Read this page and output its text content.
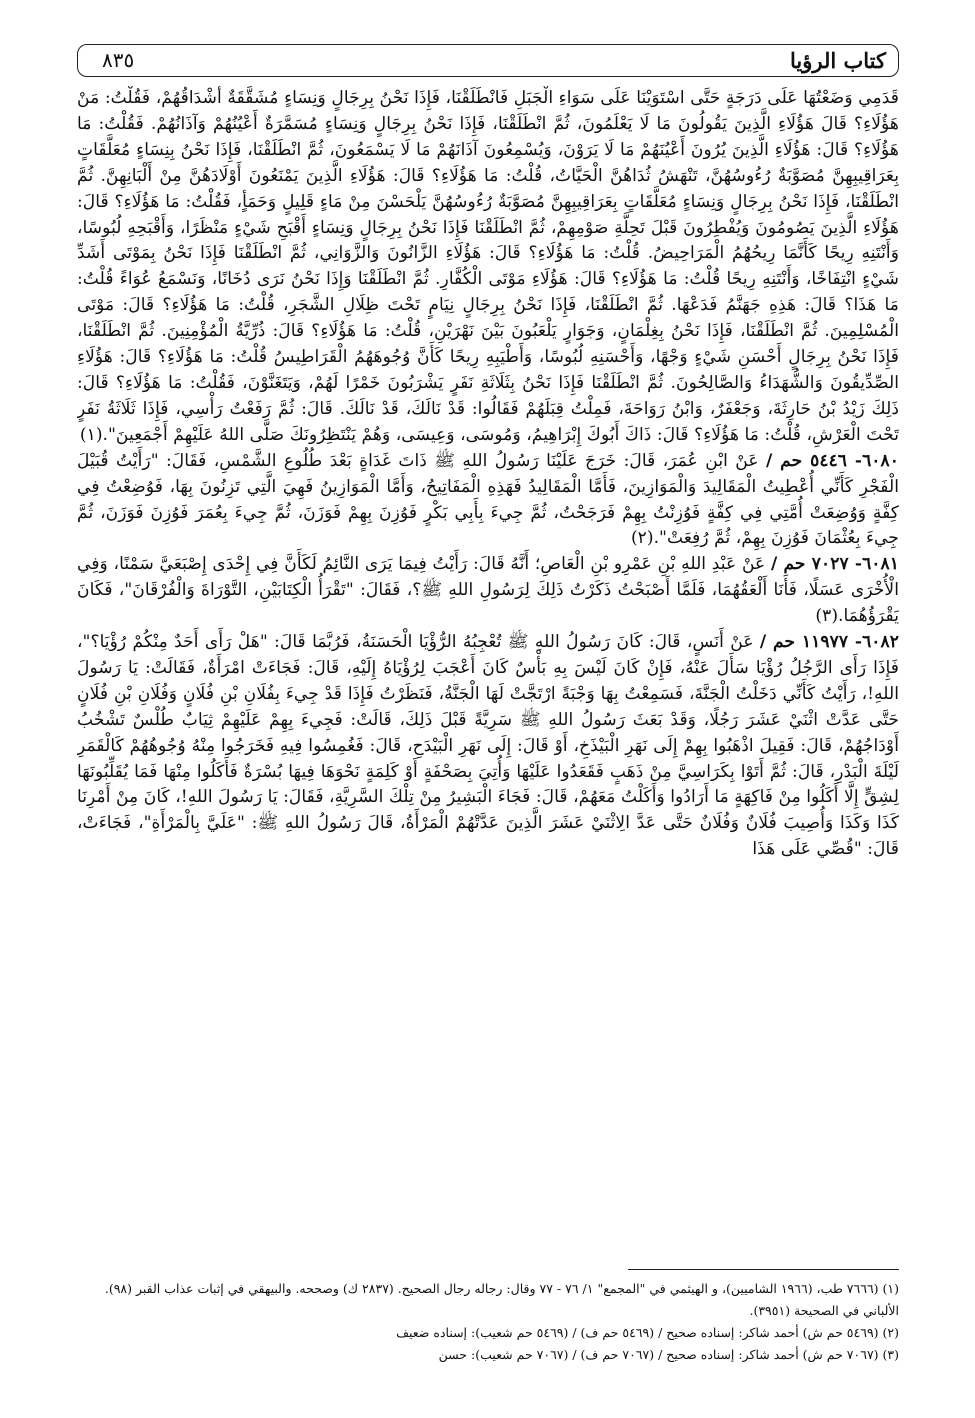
كتاب الرؤيا
٨٣٥

قَدَمِي وَضَعْتُهَا عَلَى دَرَجَةٍ حَتَّى اسْتَوَيْنَا عَلَى سَوَاءِ الْجَبَلِ فَانْطَلَقْنَا، فَإِذَا نَحْنُ بِرِجَالٍ وَنِسَاءٍ مُشَقَّقَةٌ أَشْدَاقُهُمْ، فَقُلْتُ: مَنْ هَؤُلَاءِ؟ قَالَ هَؤُلَاءِ الَّذِينَ يَقُولُونَ مَا لَا يَعْلَمُونَ، ثُمَّ انْطَلَقْنَا، فَإِذَا نَحْنُ بِرِجَالٍ وَنِسَاءٍ مُسَمَّرَةٌ أَعْيُنُهُمْ وَآذَانُهُمْ. فَقُلْتُ: مَا هَؤُلَاءِ؟ قَالَ: هَؤُلَاءِ الَّذِينَ يُرُونَ أَعْيُنَهُمْ مَا لَا يَرَوْنَ، وَيُسْمِعُونَ آذَانَهُمْ مَا لَا يَسْمَعُونَ، ثُمَّ انْطَلَقْنَا، فَإِذَا نَحْنُ بِنِسَاءٍ مُعَلَّقَاتٍ بِعَرَاقِيبِهِنَّ مُصَوَّبَةٌ رُءُوسُهُنَّ، تَنْهَشُ ثُدَاهُنَّ الْحَيَّاتُ، قُلْتُ: مَا هَؤُلَاءِ؟ قَالَ: هَؤُلَاءِ الَّذِينَ يَمْنَعُونَ أَوْلَادَهُنَّ مِنْ أَلْبَانِهِنَّ. ثُمَّ انْطَلَقْنَا، فَإِذَا نَحْنُ بِرِجَالٍ وَنِسَاءٍ مُعَلَّقَاتٍ بِعَرَاقِيبِهِنَّ مُصَوَّبَةٌ رُءُوسُهُنَّ يَلْحَسْنَ مِنْ مَاءٍ قَلِيلٍ وَحَمَأٍ، فَقُلْتُ: مَا هَؤُلَاءِ؟ قَالَ: هَؤُلَاءِ الَّذِينَ يَصُومُونَ وَيُفْطِرُونَ قَبْلَ تَحِلَّةِ صَوْمِهِمْ، ثُمَّ انْطَلَقْنَا فَإِذَا نَحْنُ بِرِجَالٍ وَنِسَاءٍ أَقْبَحِ شَيْءٍ مَنْظَرًا، وَأَقْبَحِهِ لُبُوسًا، وَأَنْتَنِهِ رِيحًا كَأَنَّمَا رِيحُهُمُ الْمَرَاحِيضُ. قُلْتُ: مَا هَؤُلَاءِ؟ قَالَ: هَؤُلَاءِ الزَّانُونَ وَالزَّوَانِي، ثُمَّ انْطَلَقْنَا فَإِذَا نَحْنُ بِمَوْتَى أَشَدِّ شَيْءٍ انْتِفَاخًا، وَأَنْتَنِهِ رِيحًا قُلْتُ: مَا هَؤُلَاءِ؟ قَالَ: هَؤُلَاءِ مَوْتَى الْكُفَّارِ. ثُمَّ انْطَلَقْنَا وَإِذَا نَحْنُ نَرَى دُخَانًا، وَنَسْمَعُ عُوَاءً قُلْتُ: مَا هَذَا؟ قَالَ: هَذِهِ جَهَنَّمُ فَدَعْهَا. ثُمَّ انْطَلَقْنَا، فَإِذَا نَحْنُ بِرِجَالٍ نِيَامٍ تَحْتَ ظِلَالِ الشَّجَرِ، قُلْتُ: مَا هَؤُلَاءِ؟ قَالَ: مَوْتَى الْمُسْلِمِينَ. ثُمَّ انْطَلَقْنَا، فَإِذَا نَحْنُ بِغِلْمَانٍ، وَجَوَارٍ يَلْعَبُونَ بَيْنَ نَهْرَيْنِ، قُلْتُ: مَا هَؤُلَاءِ؟ قَالَ: ذُرِّيَّةُ الْمُؤْمِنِينَ. ثُمَّ انْطَلَقْنَا، فَإِذَا نَحْنُ بِرِجَالٍ أَحْسَنِ شَيْءٍ وَجْهًا، وَأَحْسَنِهِ لُبُوسًا، وَأَطْيَبِهِ رِيحًا كَأَنَّ وُجُوهَهُمُ الْقَرَاطِيسُ قُلْتُ: مَا هَؤُلَاءِ؟ قَالَ: هَؤُلَاءِ الصِّدِّيقُونَ وَالشُّهَدَاءُ وَالصَّالِحُونَ. ثُمَّ انْطَلَقْنَا فَإِذَا نَحْنُ بِثَلَاثَةِ نَفَرٍ يَشْرَبُونَ خَمْرًا لَهُمْ، وَيَتَغَنَّوْنَ، فَقُلْتُ: مَا هَؤُلَاءِ؟ قَالَ: ذَلِكَ زَيْدُ بْنُ حَارِثَةَ، وَجَعْفَرٌ، وَابْنُ رَوَاحَةَ، فَمِلْتُ قِبَلَهُمْ فَقَالُوا: قَدْ نَالَكَ، قَدْ نَالَكَ. قَالَ: ثُمَّ رَفَعْتُ رَأْسِي، فَإِذَا ثَلَاثَةُ نَفَرٍ تَحْتَ الْعَرْشِ، قُلْتُ: مَا هَؤُلَاءِ؟ قَالَ: ذَاكَ أَبُوكَ إِبْرَاهِيمُ، وَمُوسَى، وَعِيسَى، وَهُمْ يَنْتَظِرُونَكَ صَلَّى اللهُ عَلَيْهِمْ أَجْمَعِينَ".(١)

٦٠٨٠- ٥٤٤٦ حم / عَنْ ابْنِ عُمَرَ، قَالَ: خَرَجَ عَلَيْنَا رَسُولُ اللهِ ﷺ ذَاتَ غَدَاةٍ بَعْدَ طُلُوعِ الشَّمْسِ، فَقَالَ: "رَأَيْتُ قُبَيْلَ الْفَجْرِ كَأَنِّي أُعْطِيتُ الْمَقَالِيدَ وَالْمَوَازِينَ، فَأَمَّا الْمَقَالِيدُ فَهَذِهِ الْمَفَاتِيحُ، وَأَمَّا الْمَوَازِينُ فَهِيَ الَّتِي تَزِنُونَ بِهَا، فَوُضِعْتُ فِي كِفَّةٍ وَوُضِعَتْ أُمَّتِي فِي كِفَّةٍ فَوُزِنْتُ بِهِمْ فَرَجَحْتُ، ثُمَّ جِيءَ بِأَبِي بَكْرٍ فَوُزِنَ بِهِمْ فَوَزَنَ، ثُمَّ جِيءَ بِعُمَرَ فَوُزِنَ فَوَزَنَ، ثُمَّ جِيءَ بِعُثْمَانَ فَوُزِنَ بِهِمْ، ثُمَّ رُفِعَتْ".(٢)

٦٠٨١- ٧٠٢٧ حم / عَنْ عَبْدِ اللهِ بْنِ عَمْرِو بْنِ الْعَاصِ؛ أَنَّهُ قَالَ: رَأَيْتُ فِيمَا يَرَى النَّائِمُ لَكَأَنَّ فِي إِحْدَى إِصْبَعَيَّ سَمْنًا، وَفِي الْأُخْرَى عَسَلًا، فَأَنَا أَلْعَقُهُمَا، فَلَمَّا أَصْبَحْتُ ذَكَرْتُ ذَلِكَ لِرَسُولِ اللهِ ﷺ؟، فَقَالَ: "تَقْرَأُ الْكِتَابَيْنِ، التَّوْرَاةَ وَالْفُرْقَانَ"، فَكَانَ يَقْرَؤُهُمَا.(٣)

٦٠٨٢- ١١٩٧٧ حم / عَنْ أَنَسٍ، قَالَ: كَانَ رَسُولُ اللهِ ﷺ تُعْجِبُهُ الرُّؤْيَا الْحَسَنَةُ، فَرُبَّمَا قَالَ: "هَلْ رَأَى أَحَدٌ مِنْكُمْ رُؤْيَا؟"، فَإِذَا رَأَى الرَّجُلُ رُؤْيَا سَأَلَ عَنْهُ، فَإِنْ كَانَ لَيْسَ بِهِ بَأْسٌ كَانَ أَعْجَبَ لِرُؤْيَاهُ إِلَيْهِ، قَالَ: فَجَاءَتْ امْرَأَةٌ، فَقَالَتْ: يَا رَسُولَ اللهِ!، رَأَيْتُ كَأَنِّي دَخَلْتُ الْجَنَّةَ، فَسَمِعْتُ بِهَا وَجْبَةً ارْتَجَّتْ لَهَا الْجَنَّةُ، فَنَظَرْتُ فَإِذَا قَدْ جِيءَ بِفُلَانِ بْنِ فُلَانٍ وَفُلَانِ بْنِ فُلَانٍ حَتَّى عَدَّتْ اثْنَيْ عَشَرَ رَجُلًا، وَقَدْ بَعَثَ رَسُولُ اللهِ ﷺ سَرِيَّةً قَبْلَ ذَلِكَ، قَالَتْ: فَجِيءَ بِهِمْ عَلَيْهِمْ ثِيَابٌ طُلْسٌ تَشْخُبُ أَوْدَاجُهُمْ، قَالَ: فَقِيلَ اذْهَبُوا بِهِمْ إِلَى نَهَرِ الْبَيْذَخِ، أَوْ قَالَ: إِلَى نَهَرِ الْبَيْدَحِ، قَالَ: فَغُمِسُوا فِيهِ فَخَرَجُوا مِنْهُ وُجُوهُهُمْ كَالْقَمَرِ لَيْلَةَ الْبَدْرِ، قَالَ: ثُمَّ أَتَوْا بِكَرَاسِيَّ مِنْ ذَهَبٍ فَقَعَدُوا عَلَيْهَا وَأُتِيَ بِصَحْفَةٍ أَوْ كَلِمَةٍ نَحْوَهَا فِيهَا بُسْرَةٌ فَأَكَلُوا مِنْهَا فَمَا يُقَلِّبُونَهَا لِشِقٍّ إِلَّا أَكَلُوا مِنْ فَاكِهَةٍ مَا أَرَادُوا وَأَكَلْتُ مَعَهُمْ، قَالَ: فَجَاءَ الْبَشِيرُ مِنْ تِلْكَ السَّرِيَّةِ، فَقَالَ: يَا رَسُولَ اللهِ!، كَانَ مِنْ أَمْرِنَا كَذَا وَكَذَا وَأُصِيبَ فُلَانٌ وَفُلَانٌ حَتَّى عَدَّ الِاثْنَيْ عَشَرَ الَّذِينَ عَدَّتْهُمْ الْمَرْأَةُ، قَالَ رَسُولُ اللهِ ﷺ: "عَلَيَّ بِالْمَرْأَةِ"، فَجَاءَتْ، قَالَ: "قُصِّي عَلَى هَذَا

(١) (٧٦٦٦ طب، (١٩٦٦ الشاميين)، و الهيثمي في "المجمع" ١/ ٧٦ - ٧٧ وقال: رجاله رجال الصحيح. (٢٨٣٧ ك) وصححه. والبيهقي في إثبات عذاب القبر (٩٨). الألباني في الصحيحة (٣٩٥١).

(٢) (٥٤٦٩ حم ش) أحمد شاكر: إسناده صحيح / (٥٤٦٩ حم ف) / (٥٤٦٩ حم شعيب): إسناده ضعيف

(٣) (٧٠٦٧ حم ش) أحمد شاكر: إسناده صحيح / (٧٠٦٧ حم ف) / (٧٠٦٧ حم شعيب): حسن
